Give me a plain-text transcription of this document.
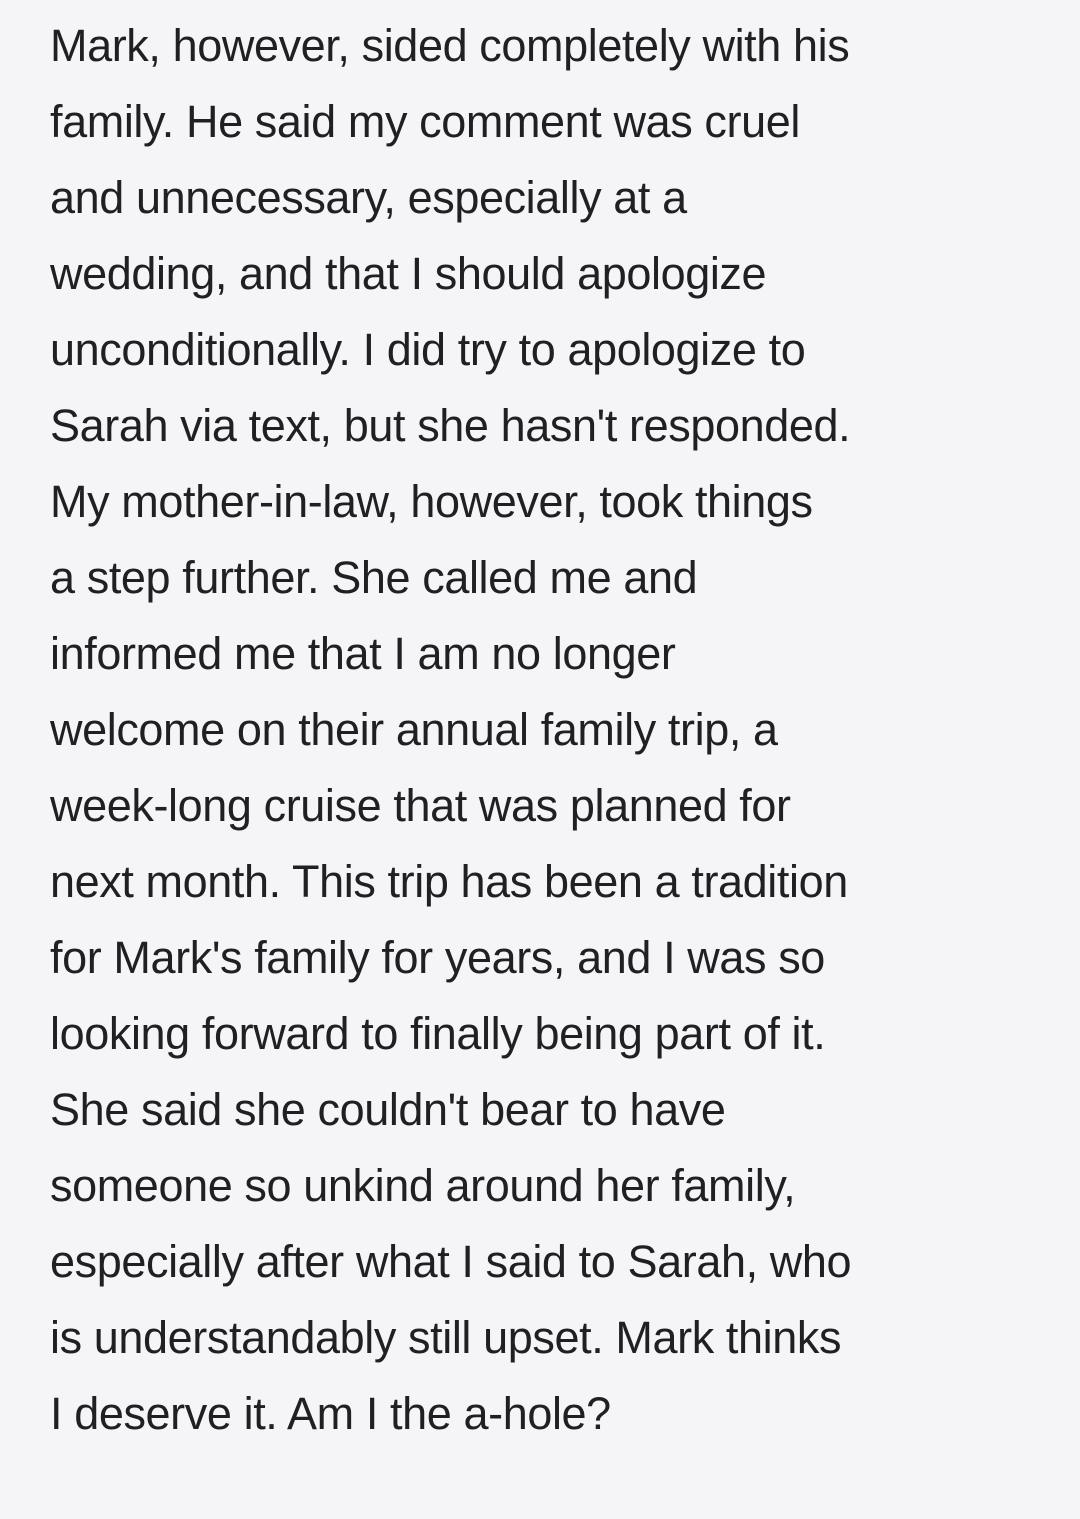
Mark, however, sided completely with his
family. He said my comment was cruel
and unnecessary, especially at a
wedding, and that I should apologize
unconditionally. I did try to apologize to
Sarah via text, but she hasn't responded.
My mother-in-law, however, took things
a step further. She called me and
informed me that I am no longer
welcome on their annual family trip, a
week-long cruise that was planned for
next month. This trip has been a tradition
for Mark's family for years, and I was so
looking forward to finally being part of it.
She said she couldn't bear to have
someone so unkind around her family,
especially after what I said to Sarah, who
is understandably still upset. Mark thinks
I deserve it. Am I the a-hole?
